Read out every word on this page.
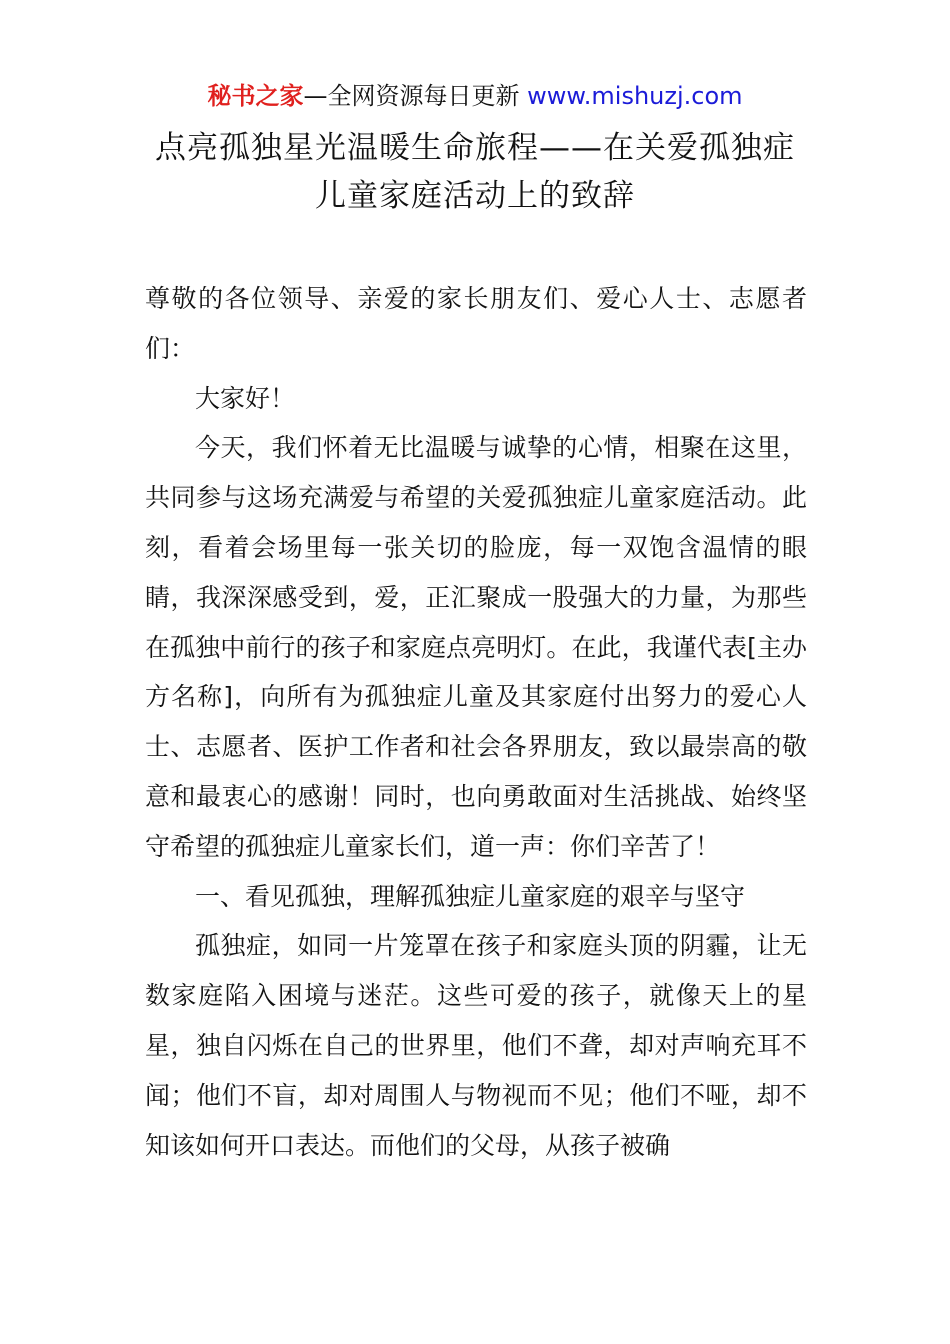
秘书之家—全网资源每日更新 www.mishuzj.com
点亮孤独星光温暖生命旅程——在关爱孤独症
儿童家庭活动上的致辞

尊敬的各位领导、亲爱的家长朋友们、爱心人士、志愿者们：

大家好！

今天，我们怀着无比温暖与诚挚的心情，相聚在这里，共同参与这场充满爱与希望的关爱孤独症儿童家庭活动。此刻，看着会场里每一张关切的脸庞，每一双饱含温情的眼睛，我深深感受到，爱，正汇聚成一股强大的力量，为那些在孤独中前行的孩子和家庭点亮明灯。在此，我谨代表[主办方名称]，向所有为孤独症儿童及其家庭付出努力的爱心人士、志愿者、医护工作者和社会各界朋友，致以最崇高的敬意和最衷心的感谢！同时，也向勇敢面对生活挑战、始终坚守希望的孤独症儿童家长们，道一声：你们辛苦了！

一、看见孤独，理解孤独症儿童家庭的艰辛与坚守

孤独症，如同一片笼罩在孩子和家庭头顶的阴霾，让无数家庭陷入困境与迷茫。这些可爱的孩子，就像天上的星星，独自闪烁在自己的世界里，他们不聋，却对声响充耳不闻；他们不盲，却对周围人与物视而不见；他们不哑，却不知该如何开口表达。而他们的父母，从孩子被确
